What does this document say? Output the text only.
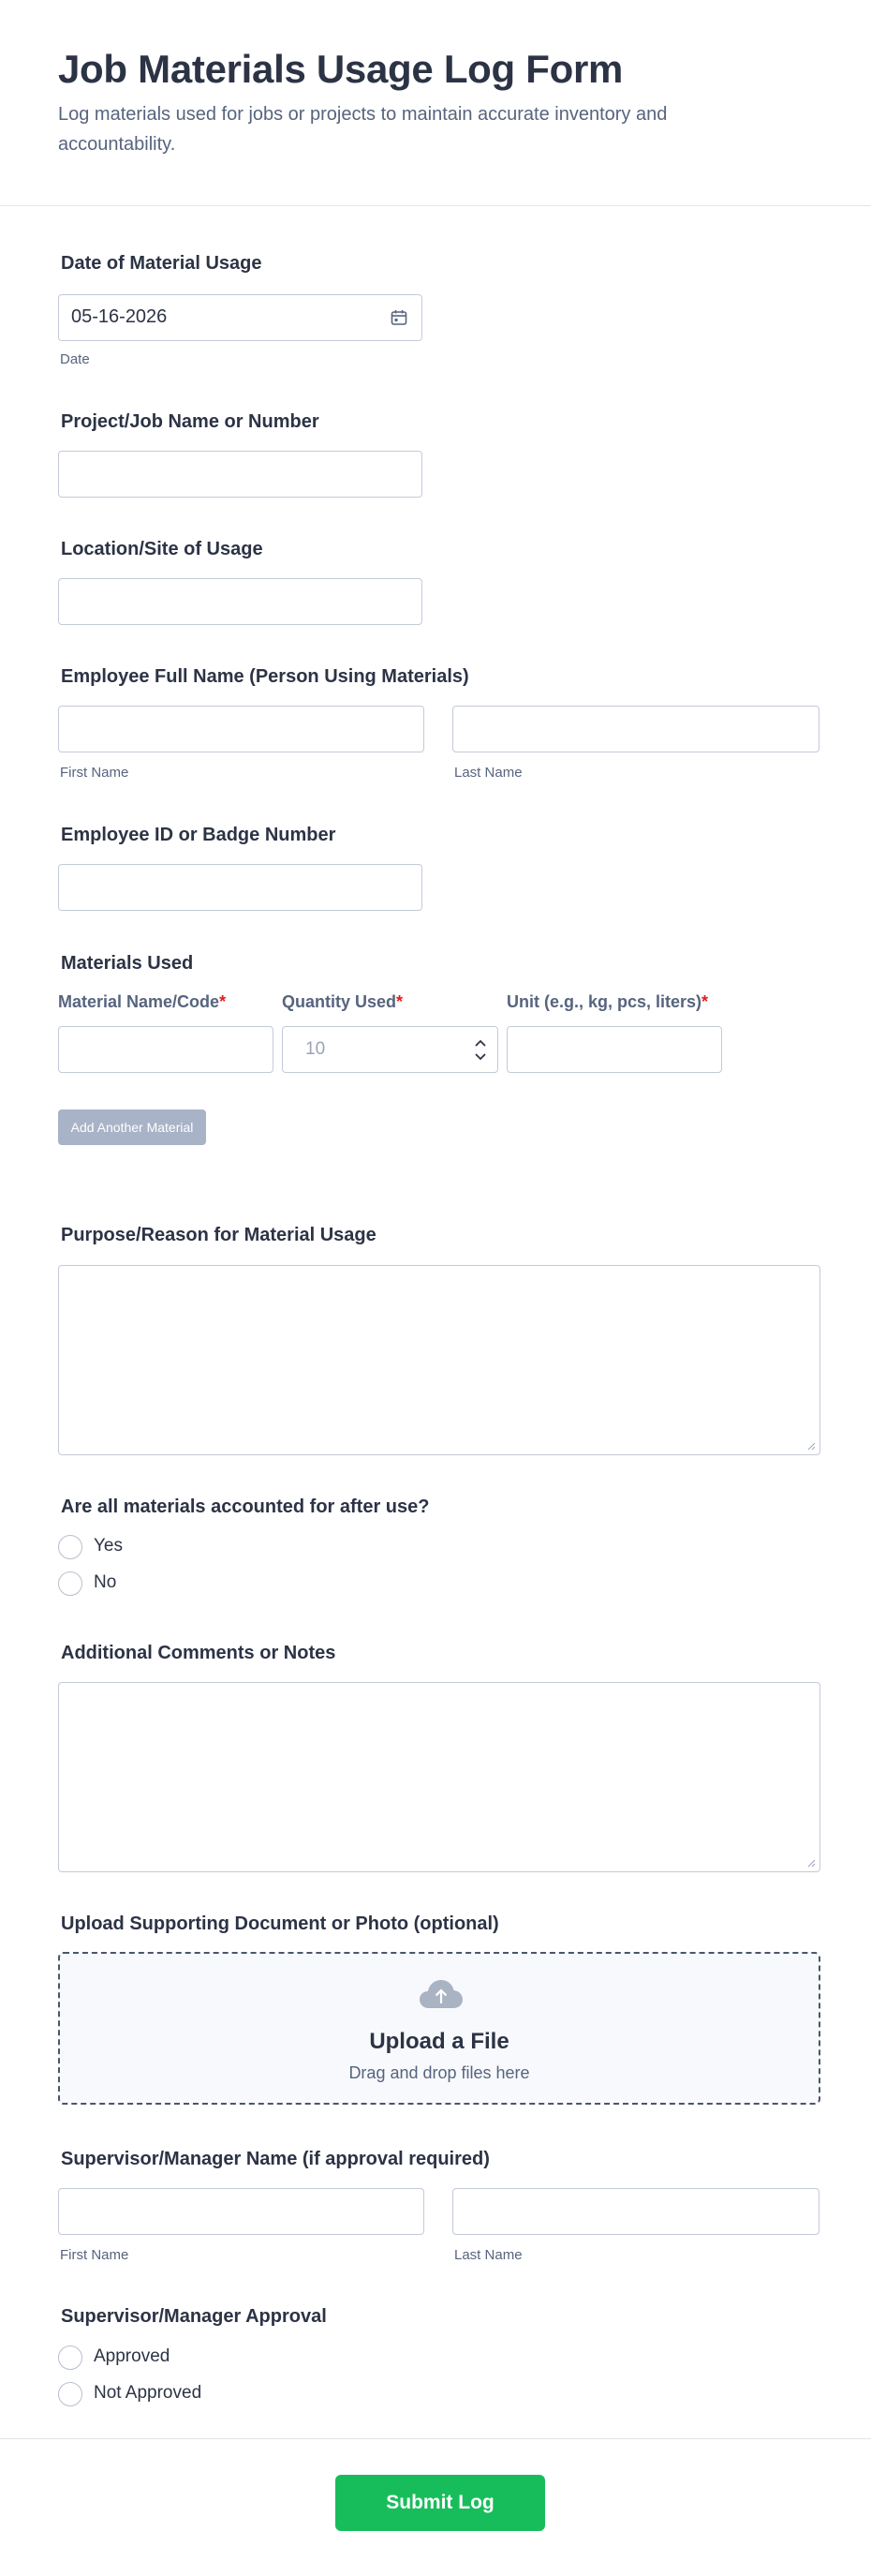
Job Materials Usage Log Form
Log materials used for jobs or projects to maintain accurate inventory and accountability.
Date of Material Usage
05-16-2026
Date
Project/Job Name or Number
Location/Site of Usage
Employee Full Name (Person Using Materials)
First Name	Last Name
Employee ID or Badge Number
Materials Used
Material Name/Code*	Quantity Used*	Unit (e.g., kg, pcs, liters)*
10
Add Another Material
Purpose/Reason for Material Usage
Are all materials accounted for after use?
Yes
No
Additional Comments or Notes
Upload Supporting Document or Photo (optional)
Upload a File
Drag and drop files here
Supervisor/Manager Name (if approval required)
First Name	Last Name
Supervisor/Manager Approval
Approved
Not Approved
Submit Log
